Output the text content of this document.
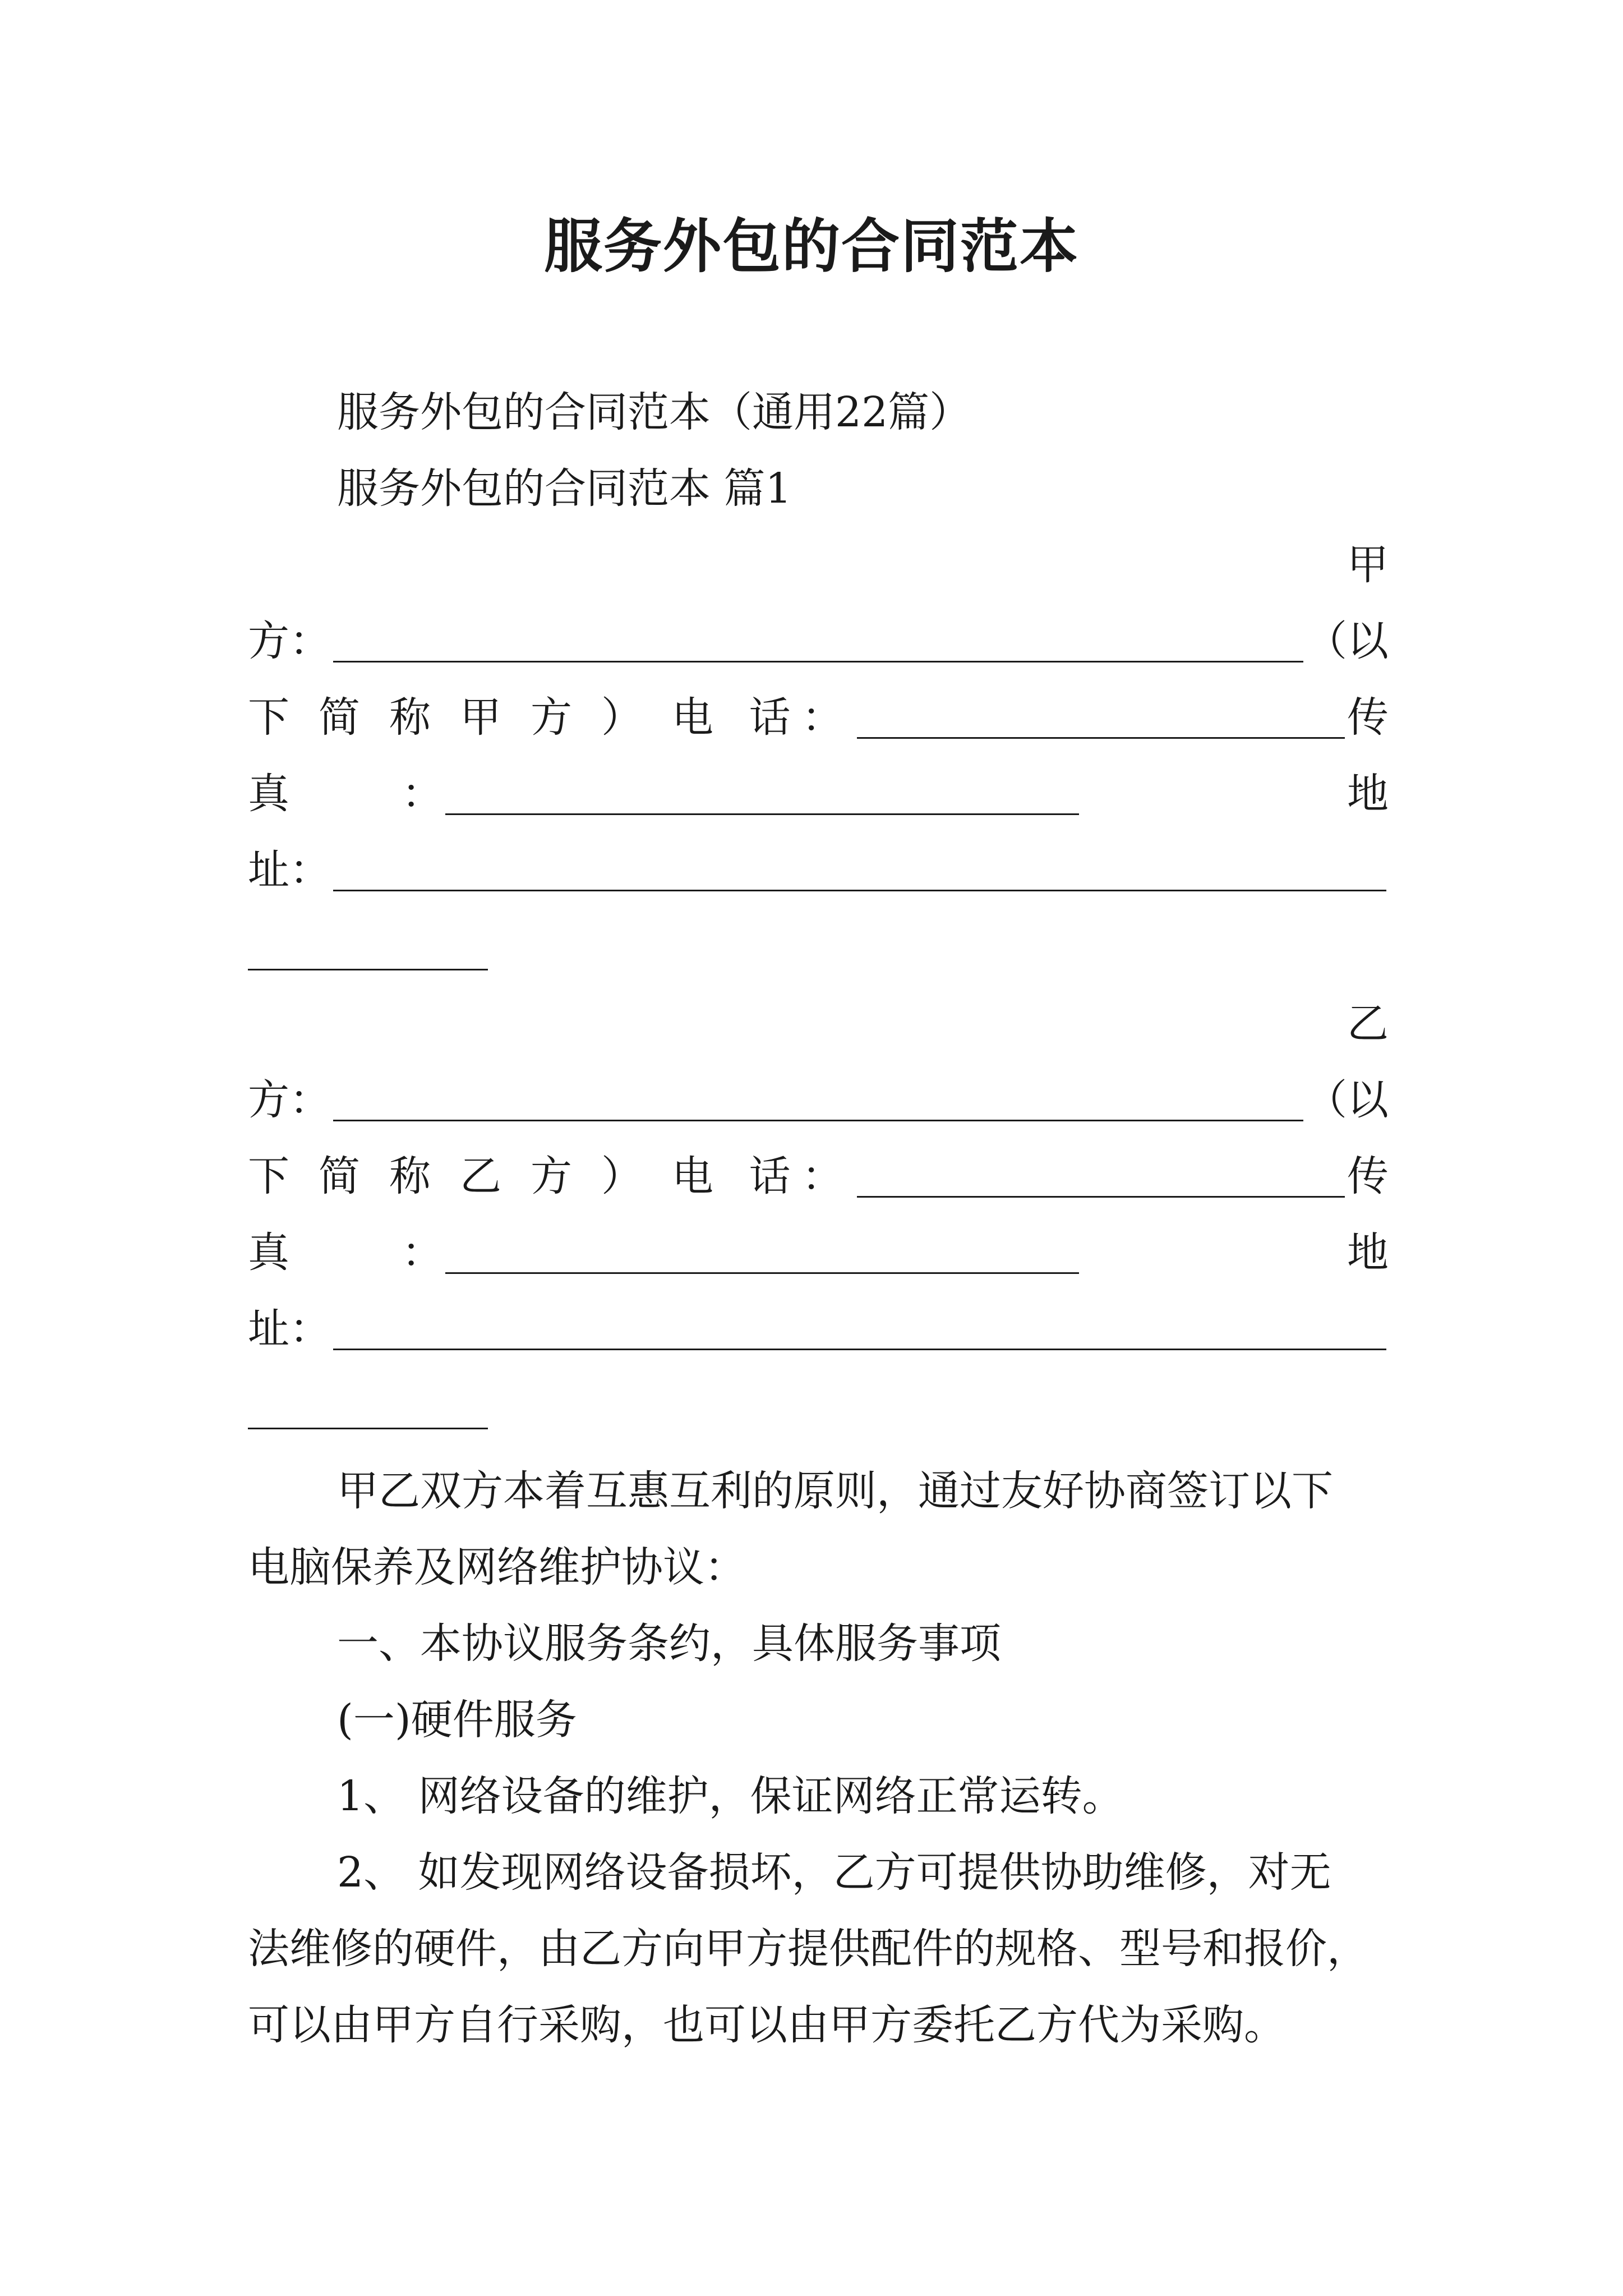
服务外包的合同范本
服务外包的合同范本（通用22篇）
服务外包的合同范本 篇1
甲
方：	（以
下简称甲方） 电 话：	传
真	：	地
址：
乙
方：	（以
下简称乙方） 电 话：	传
真	：	地
址：
甲乙双方本着互惠互利的原则，通过友好协商签订以下
电脑保养及网络维护协议：
一、本协议服务条约，具体服务事项
(一)硬件服务
1、 网络设备的维护，保证网络正常运转。
2、 如发现网络设备损坏，乙方可提供协助维修，对无
法维修的硬件，由乙方向甲方提供配件的规格、型号和报价，
可以由甲方自行采购，也可以由甲方委托乙方代为采购。
